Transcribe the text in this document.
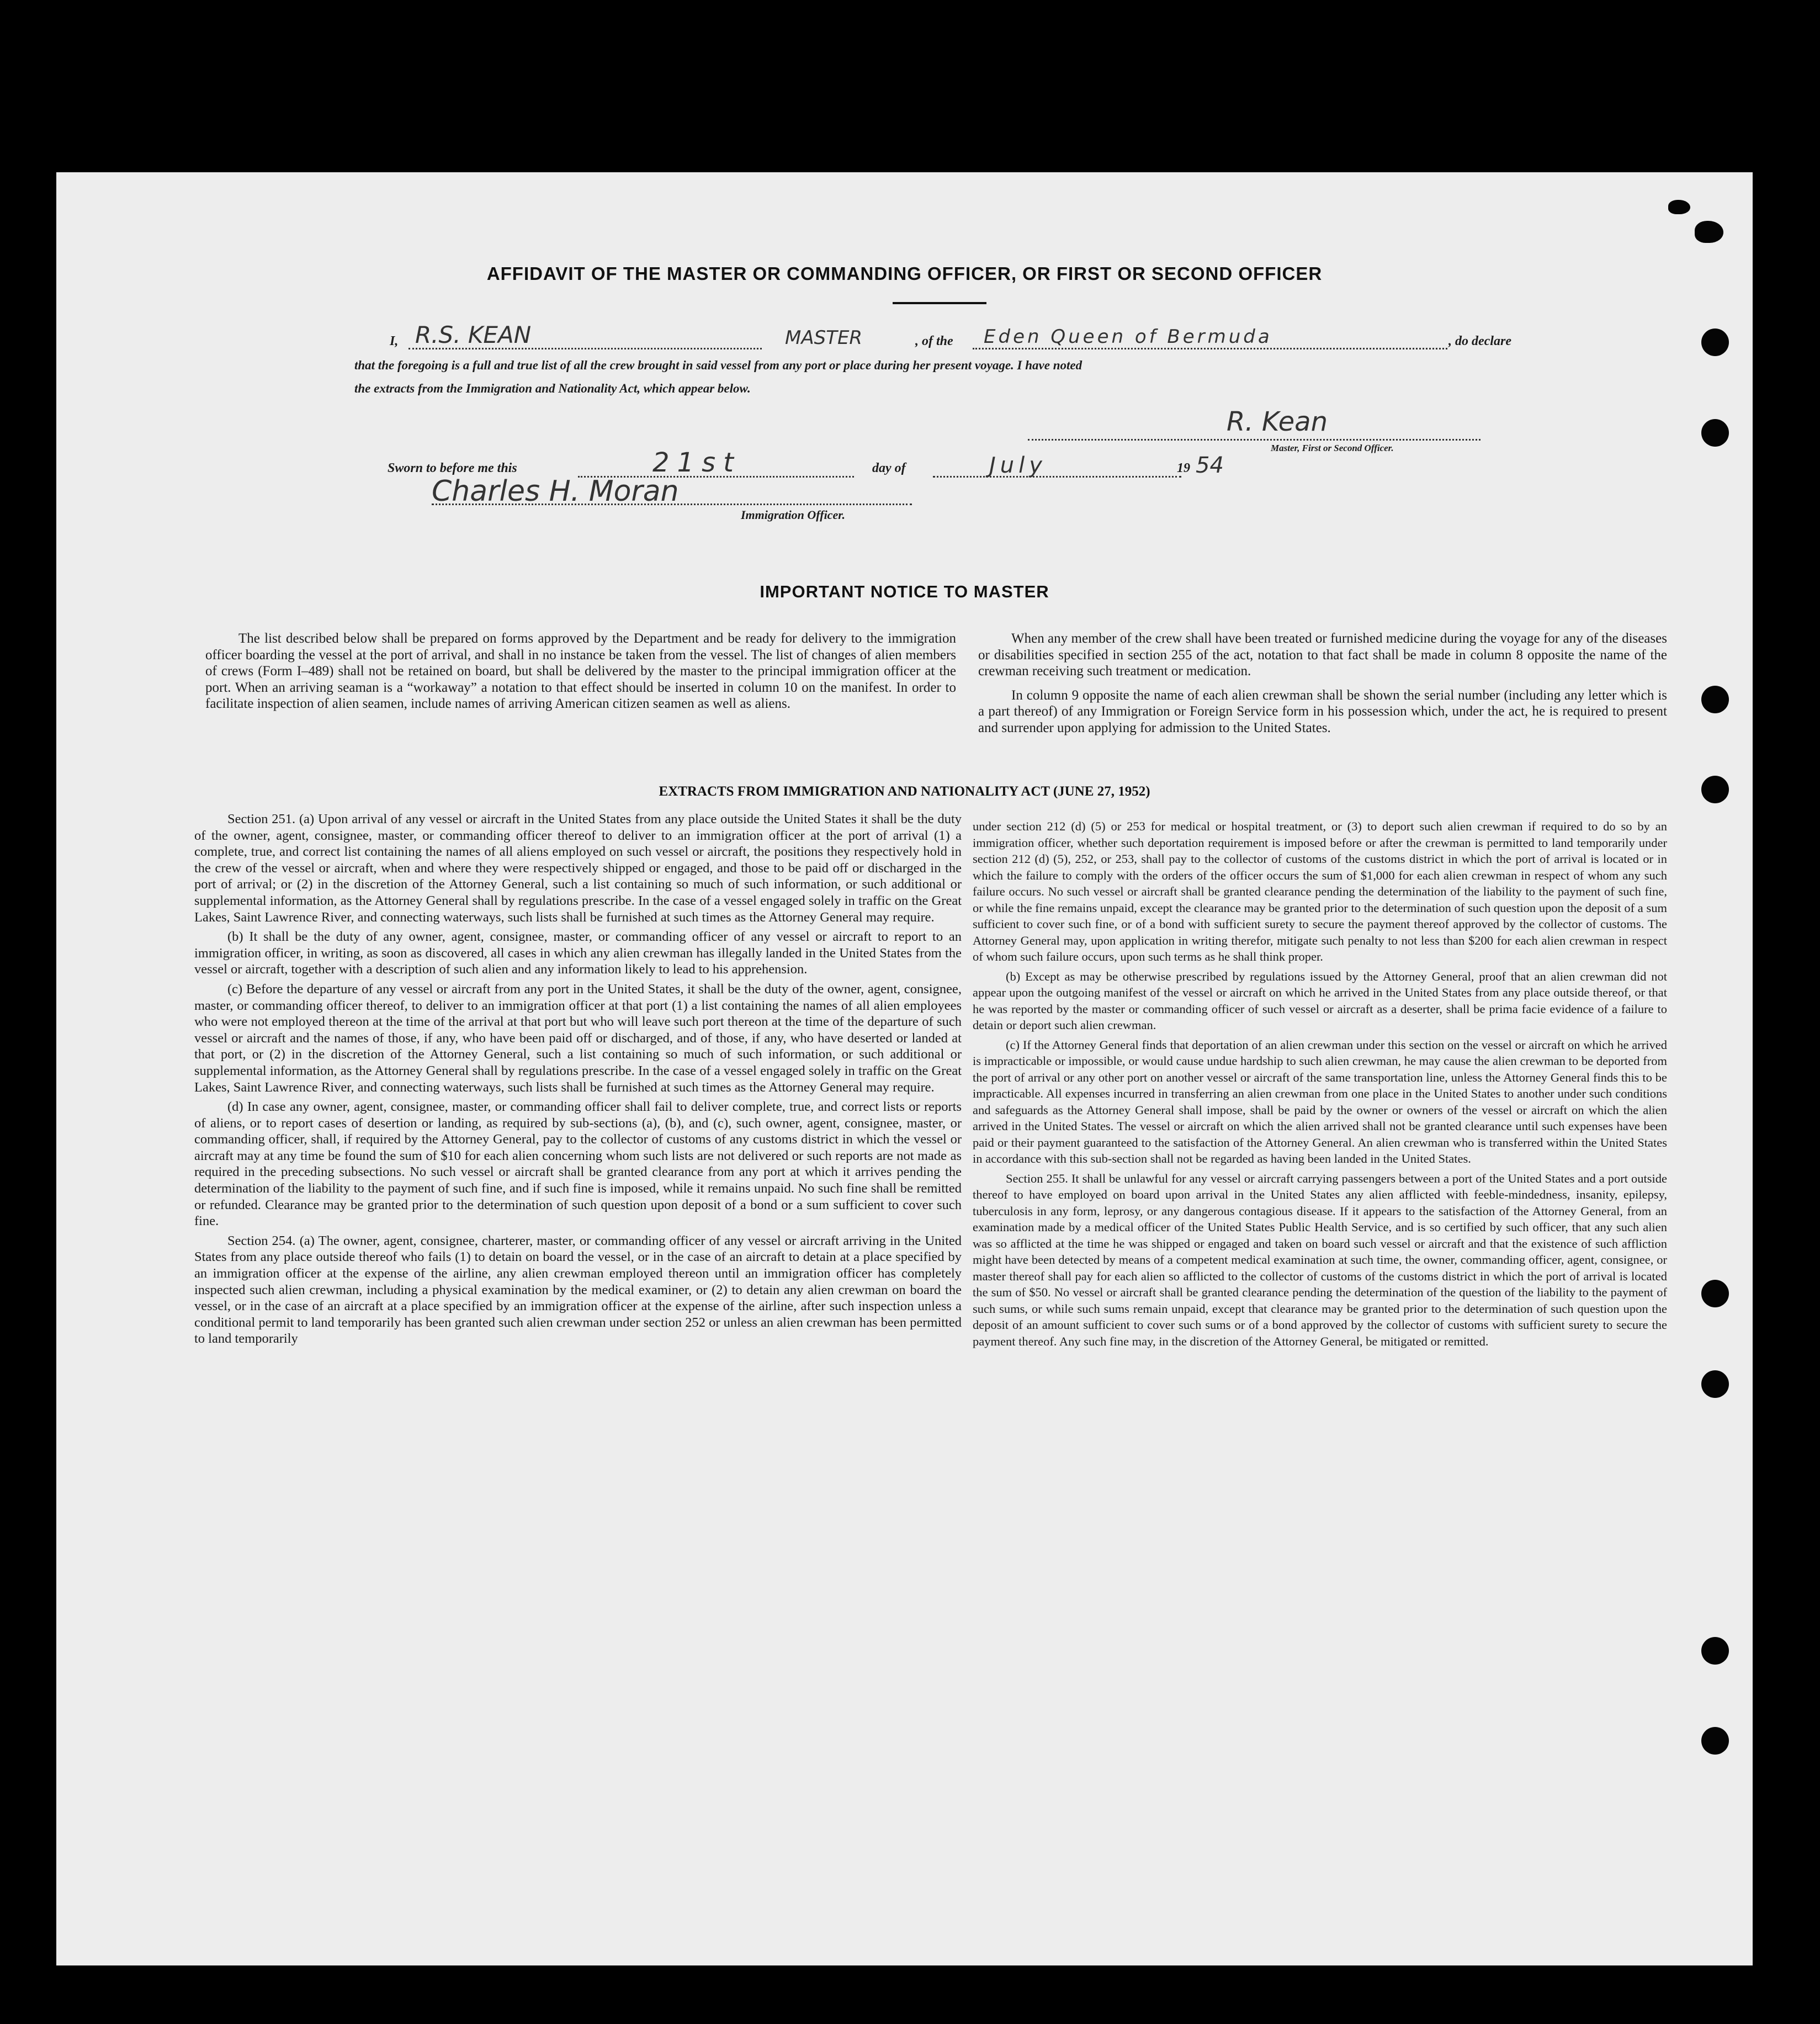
AFFIDAVIT OF THE MASTER OR COMMANDING OFFICER, OR FIRST OR SECOND OFFICER
I, R.S. KEAN	MASTER	, of the Eden Queen of Bermuda	, do declare
that the foregoing is a full and true list of all the crew brought in said vessel from any port or place during her present voyage. I have noted
the extracts from the Immigration and Nationality Act, which appear below.
R. Kean
Master, First or Second Officer.
Sworn to before me this	21st	day of	July	19 54
Charles H. Moran
Immigration Officer.
IMPORTANT NOTICE TO MASTER

The list described below shall be prepared on forms approved by the Department and be ready for delivery to the immigration officer boarding the vessel at the port of arrival, and shall in no instance be taken from the vessel. The list of changes of alien members of crews (Form I–489) shall not be retained on board, but shall be delivered by the master to the principal immigration officer at the port. When an arriving seaman is a “workaway” a notation to that effect should be inserted in column 10 on the manifest. In order to facilitate inspection of alien seamen, include names of arriving American citizen seamen as well as aliens.

When any member of the crew shall have been treated or furnished medicine during the voyage for any of the diseases or disabilities specified in section 255 of the act, notation to that fact shall be made in column 8 opposite the name of the crewman receiving such treatment or medication.

In column 9 opposite the name of each alien crewman shall be shown the serial number (including any letter which is a part thereof) of any Immigration or Foreign Service form in his possession which, under the act, he is required to present and surrender upon applying for admission to the United States.

EXTRACTS FROM IMMIGRATION AND NATIONALITY ACT (JUNE 27, 1952)

Section 251. (a) Upon arrival of any vessel or aircraft in the United States from any place outside the United States it shall be the duty of the owner, agent, consignee, master, or commanding officer thereof to deliver to an immigration officer at the port of arrival (1) a complete, true, and correct list containing the names of all aliens employed on such vessel or aircraft, the positions they respectively hold in the crew of the vessel or aircraft, when and where they were respectively shipped or engaged, and those to be paid off or discharged in the port of arrival; or (2) in the discretion of the Attorney General, such a list containing so much of such information, or such additional or supplemental information, as the Attorney General shall by regulations prescribe. In the case of a vessel engaged solely in traffic on the Great Lakes, Saint Lawrence River, and connecting waterways, such lists shall be furnished at such times as the Attorney General may require.

(b) It shall be the duty of any owner, agent, consignee, master, or commanding officer of any vessel or aircraft to report to an immigration officer, in writing, as soon as discovered, all cases in which any alien crewman has illegally landed in the United States from the vessel or aircraft, together with a description of such alien and any information likely to lead to his apprehension.

(c) Before the departure of any vessel or aircraft from any port in the United States, it shall be the duty of the owner, agent, consignee, master, or commanding officer thereof, to deliver to an immigration officer at that port (1) a list containing the names of all alien employees who were not employed thereon at the time of the arrival at that port but who will leave such port thereon at the time of the departure of such vessel or aircraft and the names of those, if any, who have been paid off or discharged, and of those, if any, who have deserted or landed at that port, or (2) in the discretion of the Attorney General, such a list containing so much of such information, or such additional or supplemental information, as the Attorney General shall by regulations prescribe. In the case of a vessel engaged solely in traffic on the Great Lakes, Saint Lawrence River, and connecting waterways, such lists shall be furnished at such times as the Attorney General may require.

(d) In case any owner, agent, consignee, master, or commanding officer shall fail to deliver complete, true, and correct lists or reports of aliens, or to report cases of desertion or landing, as required by sub-sections (a), (b), and (c), such owner, agent, consignee, master, or commanding officer, shall, if required by the Attorney General, pay to the collector of customs of any customs district in which the vessel or aircraft may at any time be found the sum of $10 for each alien concerning whom such lists are not delivered or such reports are not made as required in the preceding subsections. No such vessel or aircraft shall be granted clearance from any port at which it arrives pending the determination of the liability to the payment of such fine, and if such fine is imposed, while it remains unpaid. No such fine shall be remitted or refunded. Clearance may be granted prior to the determination of such question upon deposit of a bond or a sum sufficient to cover such fine.

Section 254. (a) The owner, agent, consignee, charterer, master, or commanding officer of any vessel or aircraft arriving in the United States from any place outside thereof who fails (1) to detain on board the vessel, or in the case of an aircraft to detain at a place specified by an immigration officer at the expense of the airline, any alien crewman employed thereon until an immigration officer has completely inspected such alien crewman, including a physical examination by the medical examiner, or (2) to detain any alien crewman on board the vessel, or in the case of an aircraft at a place specified by an immigration officer at the expense of the airline, after such inspection unless a conditional permit to land temporarily has been granted such alien crewman under section 252 or unless an alien crewman has been permitted to land temporarily

under section 212 (d) (5) or 253 for medical or hospital treatment, or (3) to deport such alien crewman if required to do so by an immigration officer, whether such deportation requirement is imposed before or after the crewman is permitted to land temporarily under section 212 (d) (5), 252, or 253, shall pay to the collector of customs of the customs district in which the port of arrival is located or in which the failure to comply with the orders of the officer occurs the sum of $1,000 for each alien crewman in respect of whom any such failure occurs. No such vessel or aircraft shall be granted clearance pending the determination of the liability to the payment of such fine, or while the fine remains unpaid, except the clearance may be granted prior to the determination of such question upon the deposit of a sum sufficient to cover such fine, or of a bond with sufficient surety to secure the payment thereof approved by the collector of customs. The Attorney General may, upon application in writing therefor, mitigate such penalty to not less than $200 for each alien crewman in respect of whom such failure occurs, upon such terms as he shall think proper.

(b) Except as may be otherwise prescribed by regulations issued by the Attorney General, proof that an alien crewman did not appear upon the outgoing manifest of the vessel or aircraft on which he arrived in the United States from any place outside thereof, or that he was reported by the master or commanding officer of such vessel or aircraft as a deserter, shall be prima facie evidence of a failure to detain or deport such alien crewman.

(c) If the Attorney General finds that deportation of an alien crewman under this section on the vessel or aircraft on which he arrived is impracticable or impossible, or would cause undue hardship to such alien crewman, he may cause the alien crewman to be deported from the port of arrival or any other port on another vessel or aircraft of the same transportation line, unless the Attorney General finds this to be impracticable. All expenses incurred in transferring an alien crewman from one place in the United States to another under such conditions and safeguards as the Attorney General shall impose, shall be paid by the owner or owners of the vessel or aircraft on which the alien arrived in the United States. The vessel or aircraft on which the alien arrived shall not be granted clearance until such expenses have been paid or their payment guaranteed to the satisfaction of the Attorney General. An alien crewman who is transferred within the United States in accordance with this sub-section shall not be regarded as having been landed in the United States.

Section 255. It shall be unlawful for any vessel or aircraft carrying passengers between a port of the United States and a port outside thereof to have employed on board upon arrival in the United States any alien afflicted with feeble-mindedness, insanity, epilepsy, tuberculosis in any form, leprosy, or any dangerous contagious disease. If it appears to the satisfaction of the Attorney General, from an examination made by a medical officer of the United States Public Health Service, and is so certified by such officer, that any such alien was so afflicted at the time he was shipped or engaged and taken on board such vessel or aircraft and that the existence of such affliction might have been detected by means of a competent medical examination at such time, the owner, commanding officer, agent, consignee, or master thereof shall pay for each alien so afflicted to the collector of customs of the customs district in which the port of arrival is located the sum of $50. No vessel or aircraft shall be granted clearance pending the determination of the question of the liability to the payment of such sums, or while such sums remain unpaid, except that clearance may be granted prior to the determination of such question upon the deposit of an amount sufficient to cover such sums or of a bond approved by the collector of customs with sufficient surety to secure the payment thereof. Any such fine may, in the discretion of the Attorney General, be mitigated or remitted.
